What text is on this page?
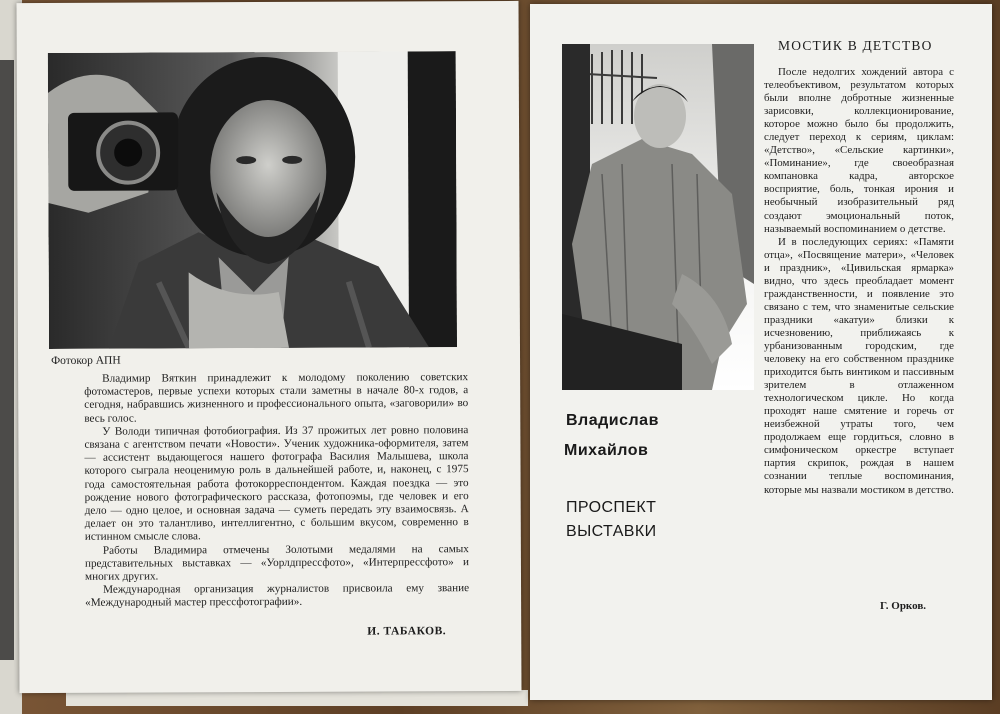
Фотокор АПН

Владимир Вяткин принадлежит к молодому поколению советских фотомастеров, первые успехи которых стали заметны в начале 80-х годов, а сегодня, набравшись жизненного и профессионального опыта, «заговорили» во весь голос.

У Володи типичная фотобиография. Из 37 прожитых лет ровно половина связана с агентством печати «Новости». Ученик художника-оформителя, затем — ассистент выдающегося нашего фотографа Василия Малышева, школа которого сыграла неоценимую роль в дальнейшей работе, и, наконец, с 1975 года самостоятельная работа фотокорреспондентом. Каждая поездка — это рождение нового фотографического рассказа, фотопоэмы, где человек и его дело — одно целое, и основная задача — суметь передать эту взаимосвязь. А делает он это талантливо, интеллигентно, с большим вкусом, современно в истинном смысле слова.

Работы Владимира отмечены Золотыми медалями на самых представительных выставках — «Уорлдпрессфото», «Интерпрессфото» и многих других.

Международная организация журналистов присвоила ему звание «Международный мастер прессфотографии».

И. ТАБАКОВ.
МОСТИК В ДЕТСТВО

После недолгих хождений автора с телеобъективом, результатом которых были вполне добротные жизненные зарисовки, коллекционирование, которое можно было бы продолжить, следует переход к сериям, циклам: «Детство», «Сельские картинки», «Поминание», где своеобразная компановка кадра, авторское восприятие, боль, тонкая ирония и необычный изобразительный ряд создают эмоциональный поток, называемый воспоминанием о детстве.

И в последующих сериях: «Памяти отца», «Посвящение матери», «Человек и праздник», «Цивильская ярмарка» видно, что здесь преобладает момент гражданственности, и появление это связано с тем, что знаменитые сельские праздники «акатуи» близки к исчезновению, приближаясь к урбанизованным городским, где человеку на его собственном празднике приходится быть винтиком и пассивным зрителем в отлаженном технологическом цикле. Но когда проходят наше смятение и горечь от неизбежной утраты того, чем продолжаем еще гордиться, словно в симфоническом оркестре вступает партия скрипок, рождая в нашем сознании теплые воспоминания, которые мы назвали мостиком в детство.

Г. Орков.
Владислав
Михайлов
ПРОСПЕКТ
ВЫСТАВКИ
